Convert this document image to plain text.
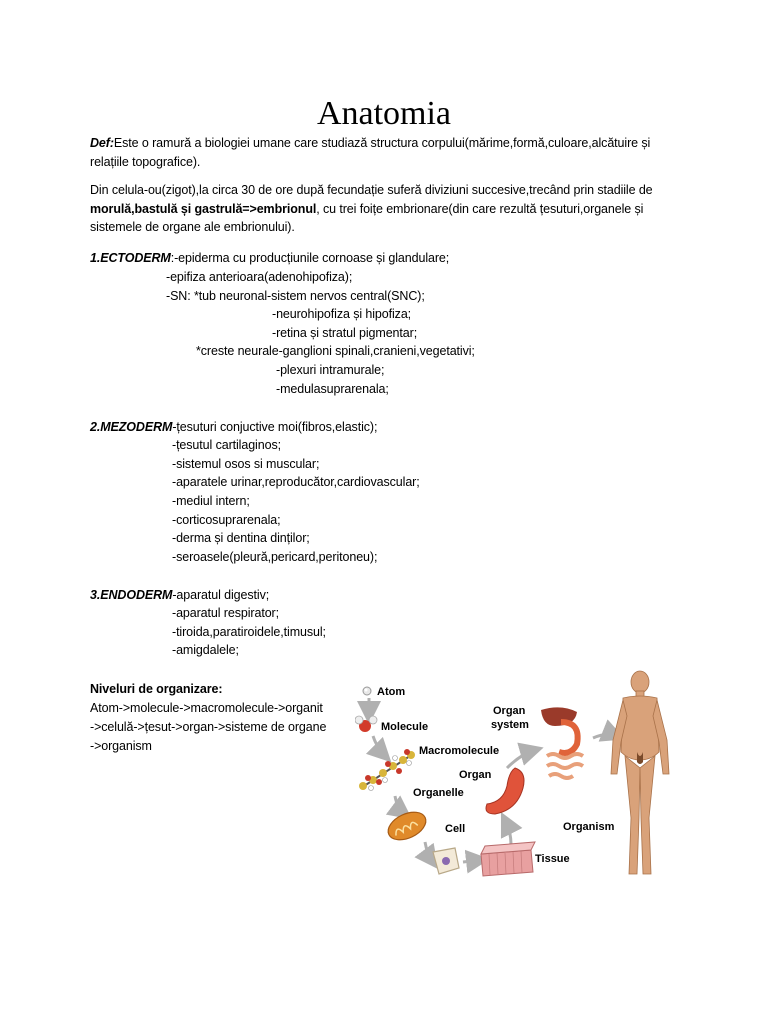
Anatomia
Def:Este o ramură a biologiei umane care studiază structura corpului(mărime,formă,culoare,alcătuire și relațiile topografice).
Din celula-ou(zigot),la circa 30 de ore după fecundație suferă diviziuni succesive,trecând prin stadiile de morulă,bastulă și gastrulă=>embrionul, cu trei foițe embrionare(din care rezultă țesuturi,organele și sistemele de organe ale embrionului).
1.ECTODERM:-epiderma cu producțiunile cornoase și glandulare;
-epifiza anterioara(adenohipofiza);
-SN: *tub neuronal-sistem nervos central(SNC);
-neurohipofiza și hipofiza;
-retina și stratul pigmentar;
*creste neurale-ganglioni spinali,cranieni,vegetativi;
-plexuri intramurale;
-medulasuprarenala;
2.MEZODERM-țesuturi conjuctive moi(fibros,elastic);
-țesutul cartilaginos;
-sistemul osos si muscular;
-aparatele urinar,reproducător,cardiovascular;
-mediul intern;
-corticosuprarenala;
-derma și dentina dinților;
-seroasele(pleură,pericard,peritoneu);
3.ENDODERM-aparatul digestiv;
-aparatul respirator;
-tiroida,paratiroidele,timusul;
-amigdalele;
Niveluri de organizare:
Atom->molecule->macromolecule->organit
->celulă->țesut->organ->sisteme de organe
->organism
Atom
Molecule
Macromolecule
Organelle
Cell
Tissue
Organ
Organ
system
Organism
